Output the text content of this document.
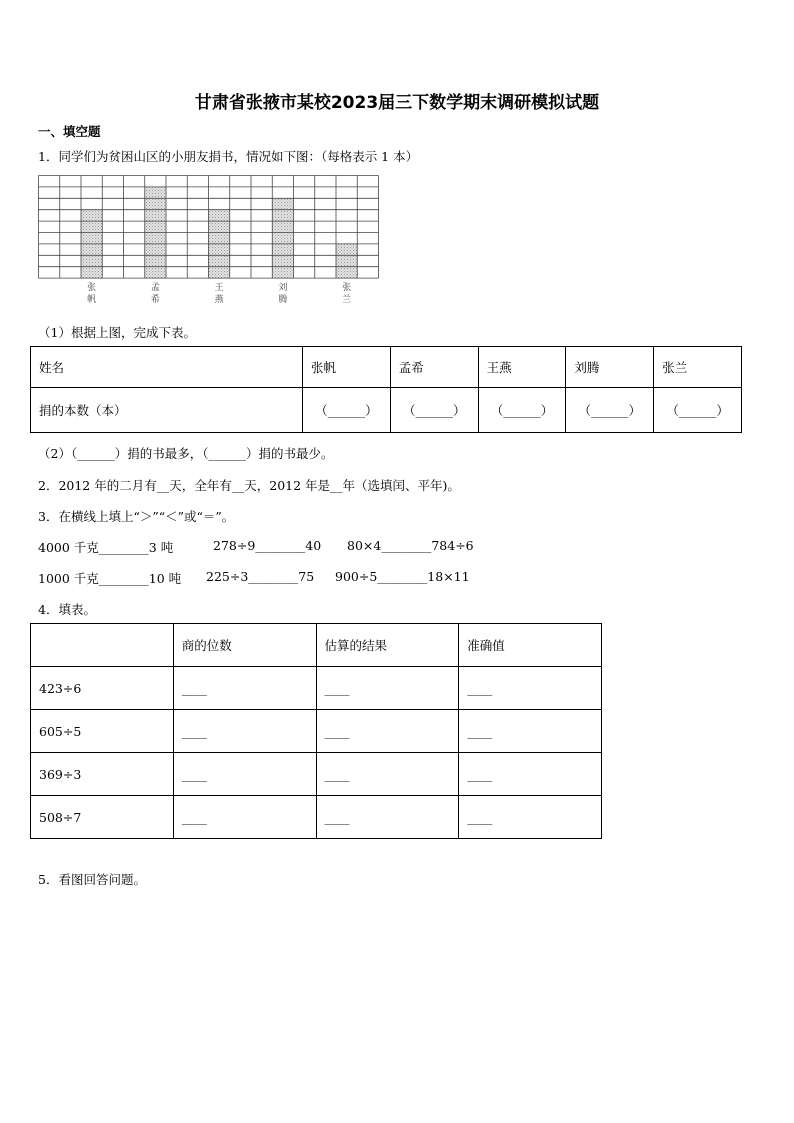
甘肃省张掖市某校2023届三下数学期末调研模拟试题
一、填空题
1．同学们为贫困山区的小朋友捐书，情况如下图：（每格表示 1 本）
张
帆
孟
希
王
燕
刘
腾
张
兰
（1）根据上图，完成下表。
姓名	张帆	孟希	王燕	刘腾	张兰
捐的本数（本）	（______）	（______）	（______）	（______）	（______）
（2）（______）捐的书最多，（______）捐的书最少。
2．2012 年的二月有__天，全年有__天，2012 年是__年（选填闰、平年)。
3．在横线上填上“＞”“＜”或“＝”。
4000 千克________3 吨	278÷9________40 80×4________784÷6
1000 千克________10 吨 225÷3________75 900÷5________18×11
4．填表。
	商的位数	估算的结果	准确值
423÷6	____	____	____
605÷5	____	____	____
369÷3	____	____	____
508÷7	____	____	____
5．看图回答问题。
